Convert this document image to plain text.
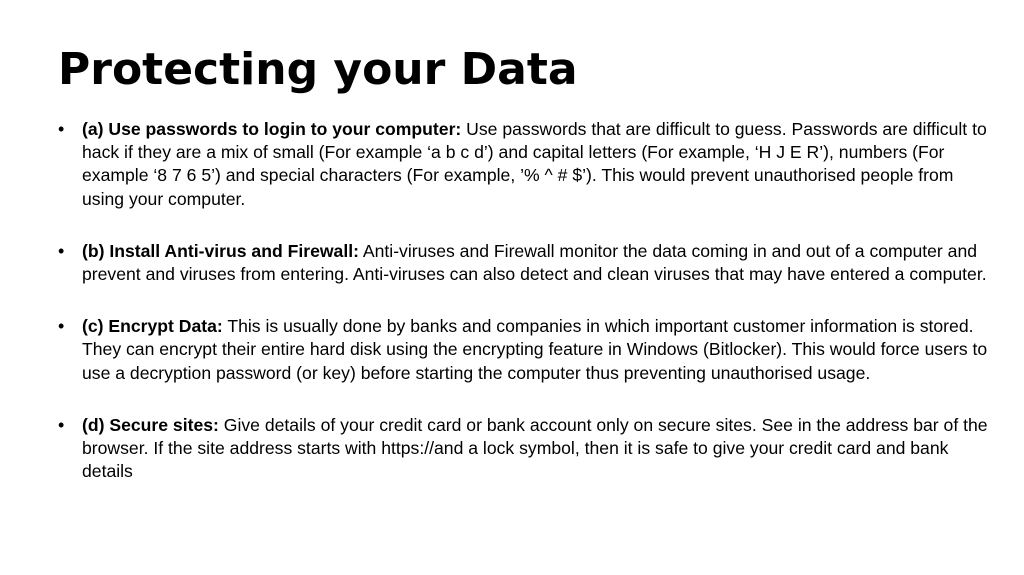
Protecting your Data
• (a) Use passwords to login to your computer: Use passwords that are difficult to guess. Passwords are difficult to hack if they are a mix of small (For example ‘a b c d’) and capital letters (For example, ‘H J E R’), numbers (For example ‘8 7 6 5’) and special characters (For example, ’% ^ # $’). This would prevent unauthorised people from using your computer.
• (b) Install Anti-virus and Firewall: Anti-viruses and Firewall monitor the data coming in and out of a computer and prevent and viruses from entering. Anti-viruses can also detect and clean viruses that may have entered a computer.
• (c) Encrypt Data: This is usually done by banks and companies in which important customer information is stored. They can encrypt their entire hard disk using the encrypting feature in Windows (Bitlocker). This would force users to use a decryption password (or key) before starting the computer thus preventing unauthorised usage.
• (d) Secure sites: Give details of your credit card or bank account only on secure sites. See in the address bar of the browser. If the site address starts with https://and a lock symbol, then it is safe to give your credit card and bank details
